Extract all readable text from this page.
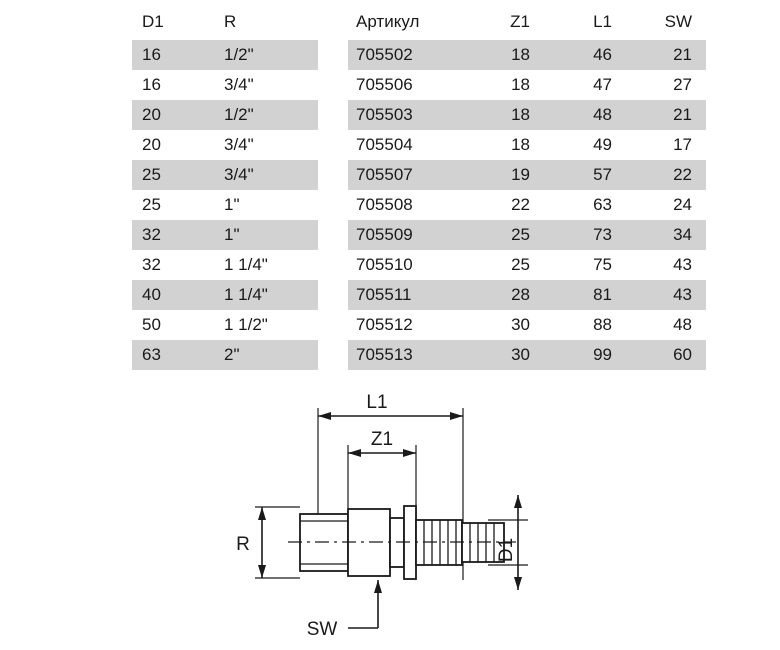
D1	R
16	1/2"
16	3/4"
20	1/2"
20	3/4"
25	3/4"
25	1"
32	1"
32	1 1/4"
40	1 1/4"
50	1 1/2"
63	2"
Артикул	Z1	L1	SW
705502	18	46	21
705506	18	47	27
705503	18	48	21
705504	18	49	17
705507	19	57	22
705508	22	63	24
705509	25	73	34
705510	25	75	43
705511	28	81	43
705512	30	88	48
705513	30	99	60
L1
Z1
R	D1
SW
